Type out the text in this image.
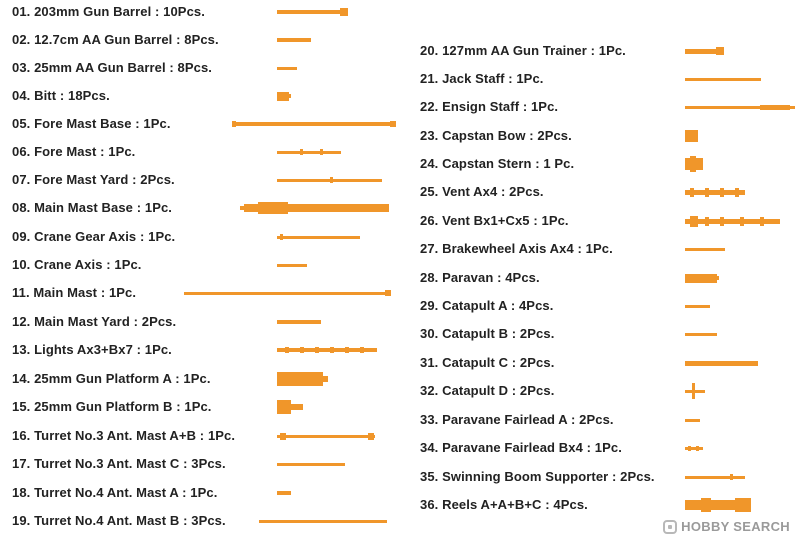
01. 203mm Gun Barrel : 10Pcs.
02. 12.7cm AA Gun Barrel : 8Pcs.
03. 25mm AA Gun Barrel : 8Pcs.
04. Bitt : 18Pcs.
05. Fore Mast Base : 1Pc.
06. Fore Mast : 1Pc.
07. Fore Mast Yard : 2Pcs.
08. Main Mast Base : 1Pc.
09. Crane Gear Axis : 1Pc.
10. Crane Axis : 1Pc.
11. Main Mast : 1Pc.
12. Main Mast Yard : 2Pcs.
13. Lights Ax3+Bx7 : 1Pc.
14. 25mm Gun Platform A : 1Pc.
15. 25mm Gun Platform B : 1Pc.
16. Turret No.3 Ant. Mast A+B : 1Pc.
17. Turret No.3 Ant. Mast C : 3Pcs.
18. Turret No.4 Ant. Mast A : 1Pc.
19. Turret No.4 Ant. Mast B : 3Pcs.
20. 127mm AA Gun Trainer : 1Pc.
21. Jack Staff : 1Pc.
22. Ensign Staff : 1Pc.
23. Capstan Bow : 2Pcs.
24. Capstan Stern : 1 Pc.
25. Vent Ax4 : 2Pcs.
26. Vent Bx1+Cx5 : 1Pc.
27. Brakewheel Axis Ax4 : 1Pc.
28. Paravan : 4Pcs.
29. Catapult A : 4Pcs.
30. Catapult B : 2Pcs.
31. Catapult C : 2Pcs.
32. Catapult D : 2Pcs.
33. Paravane Fairlead A : 2Pcs.
34. Paravane Fairlead Bx4 : 1Pc.
35. Swinning Boom Supporter : 2Pcs.
36. Reels A+A+B+C : 4Pcs.
HOBBY SEARCH
